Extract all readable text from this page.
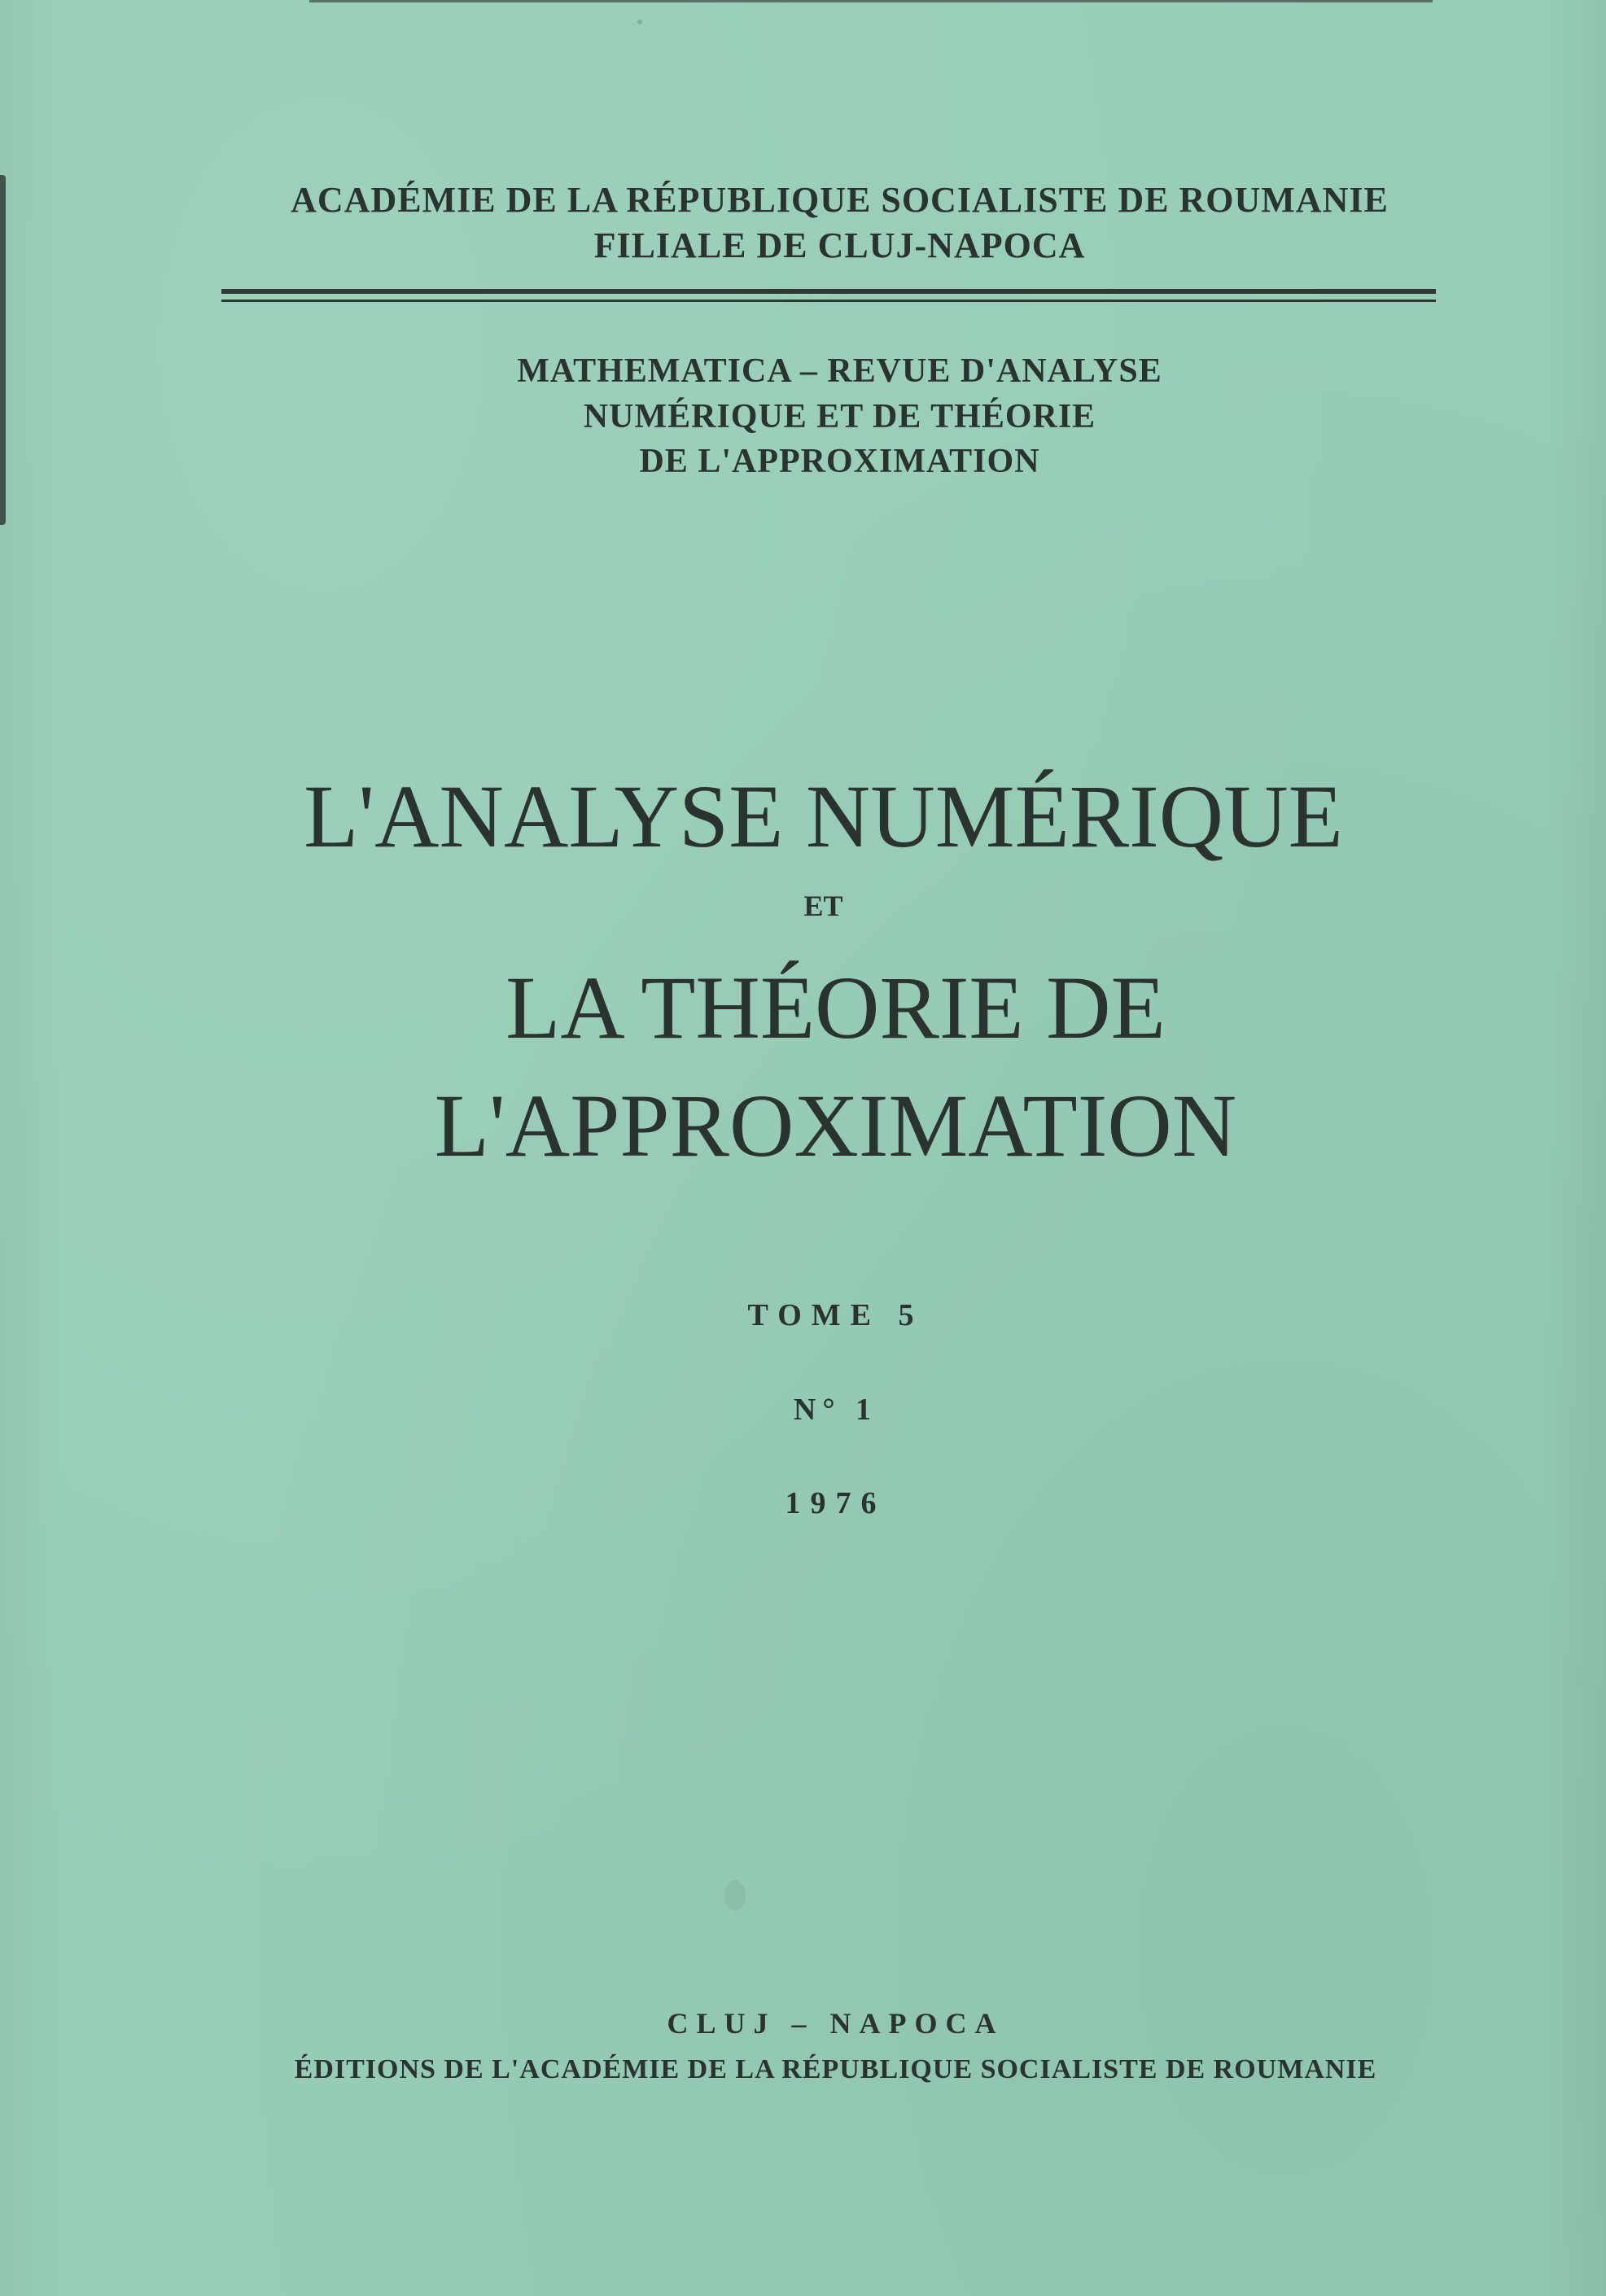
ACADÉMIE DE LA RÉPUBLIQUE SOCIALISTE DE ROUMANIE
FILIALE DE CLUJ-NAPOCA
MATHEMATICA – REVUE D'ANALYSE
NUMÉRIQUE ET DE THÉORIE
DE L'APPROXIMATION
L'ANALYSE NUMÉRIQUE
ET
LA THÉORIE DE
L'APPROXIMATION
TOME 5
N° 1
1976
CLUJ – NAPOCA
ÉDITIONS DE L'ACADÉMIE DE LA RÉPUBLIQUE SOCIALISTE DE ROUMANIE
